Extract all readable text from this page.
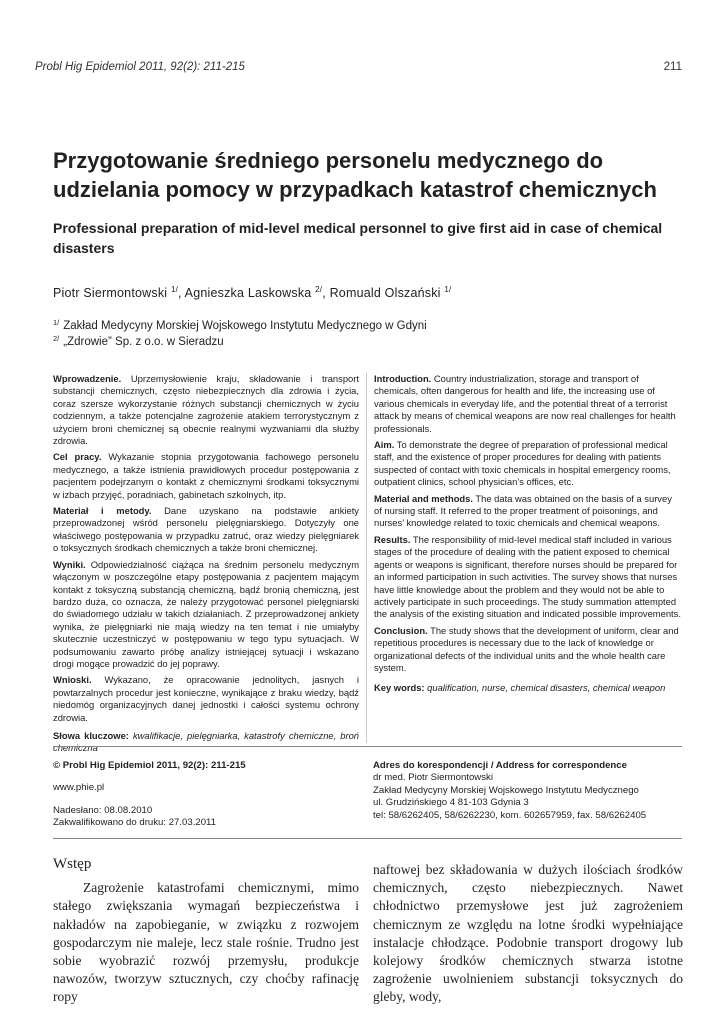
Probl Hig Epidemiol 2011, 92(2): 211-215	211
Przygotowanie średniego personelu medycznego do udzielania pomocy w przypadkach katastrof chemicznych
Professional preparation of mid-level medical personnel to give first aid in case of chemical disasters
Piotr Siermontowski $^{1/}$, Agnieszka Laskowska $^{2/}$, Romuald Olszański $^{1/}$
$^{1/}$ Zakład Medycyny Morskiej Wojskowego Instytutu Medycznego w Gdyni
$^{2/}$ „Zdrowie” Sp. z o.o. w Sieradzu

Wprowadzenie. Uprzemysłowienie kraju, składowanie i transport substancji chemicznych, często niebezpiecznych dla zdrowia i życia, coraz szersze wykorzystanie różnych substancji chemicznych w życiu codziennym, a także potencjalne zagrożenie atakiem terrorystycznym z użyciem broni chemicznej są obecnie realnymi wyzwaniami dla służby zdrowia.

Cel pracy. Wykazanie stopnia przygotowania fachowego personelu medycznego, a także istnienia prawidłowych procedur postępowania z pacjentem podejrzanym o kontakt z chemicznymi środkami toksycznymi w izbach przyjęć, poradniach, gabinetach szkolnych, itp.

Materiał i metody. Dane uzyskano na podstawie ankiety przeprowadzonej wśród personelu pielęgniarskiego. Dotyczyły one właściwego postępowania w przypadku zatruć, oraz wiedzy pielęgniarek o toksycznych środkach chemicznych a także broni chemicznej.

Wyniki. Odpowiedzialność ciążąca na średnim personelu medycznym włączonym w poszczególne etapy postępowania z pacjentem mającym kontakt z toksyczną substancją chemiczną, bądź bronią chemiczną, jest bardzo duża, co oznacza, że należy przygotować personel pielęgniarski do świadomego udziału w takich działaniach. Z przeprowadzonej ankiety wynika, że pielęgniarki nie mają wiedzy na ten temat i nie umiałyby skutecznie uczestniczyć w postępowaniu w tego typu sytuacjach. W podsumowaniu zawarto próbę analizy istniejącej sytuacji i wskazano drogi mogące prowadzić do jej poprawy.

Wnioski. Wykazano, że opracowanie jednolitych, jasnych i powtarzalnych procedur jest konieczne, wynikające z braku wiedzy, bądź niedomóg organizacyjnych danej jednostki i całości systemu ochrony zdrowia.

Słowa kluczowe: kwalifikacje, pielęgniarka, katastrofy chemiczne, broń chemiczna

Introduction. Country industrialization, storage and transport of chemicals, often dangerous for health and life, the increasing use of various chemicals in everyday life, and the potential threat of a terrorist attack by means of chemical weapons are now real challenges for health professionals.

Aim. To demonstrate the degree of preparation of professional medical staff, and the existence of proper procedures for dealing with patients suspected of contact with toxic chemicals in hospital emergency rooms, outpatient clinics, school physician’s offices, etc.

Material and methods. The data was obtained on the basis of a survey of nursing staff. It referred to the proper treatment of poisonings, and nurses’ knowledge related to toxic chemicals and chemical weapons.

Results. The responsibility of mid-level medical staff included in various stages of the procedure of dealing with the patient exposed to chemical agents or weapons is significant, therefore nurses should be prepared for an informed participation in such activities. The survey shows that nurses have little knowledge about the problem and they would not be able to actively participate in such proceedings. The study summation attempted the analysis of the existing situation and indicated possible improvements.

Conclusion. The study shows that the development of uniform, clear and repetitious procedures is necessary due to the lack of knowledge or organizational defects of the individual units and the whole health care system.

Key words: qualification, nurse, chemical disasters, chemical weapon

© Probl Hig Epidemiol 2011, 92(2): 211-215
www.phie.pl
Nadesłano: 08.08.2010
Zakwalifikowano do druku: 27.03.2011
Adres do korespondencji / Address for correspondence
dr med. Piotr Siermontowski
Zakład Medycyny Morskiej Wojskowego Instytutu Medycznego
ul. Grudzińskiego 4 81-103 Gdynia 3
tel: 58/6262405, 58/6262230, kom. 602657959, fax. 58/6262405
Wstęp

Zagrożenie katastrofami chemicznymi, mimo stałego zwiększania wymagań bezpieczeństwa i nakładów na zapobieganie, w związku z rozwojem gospodarczym nie maleje, lecz stale rośnie. Trudno jest sobie wyobrazić rozwój przemysłu, produkcje nawozów, tworzyw sztucznych, czy choćby rafinację ropy

naftowej bez składowania w dużych ilościach środków chemicznych, często niebezpiecznych. Nawet chłodnictwo przemysłowe jest już zagrożeniem chemicznym ze względu na lotne środki wypełniające instalacje chłodzące. Podobnie transport drogowy lub kolejowy środków chemicznych stwarza istotne zagrożenie uwolnieniem substancji toksycznych do gleby, wody,
